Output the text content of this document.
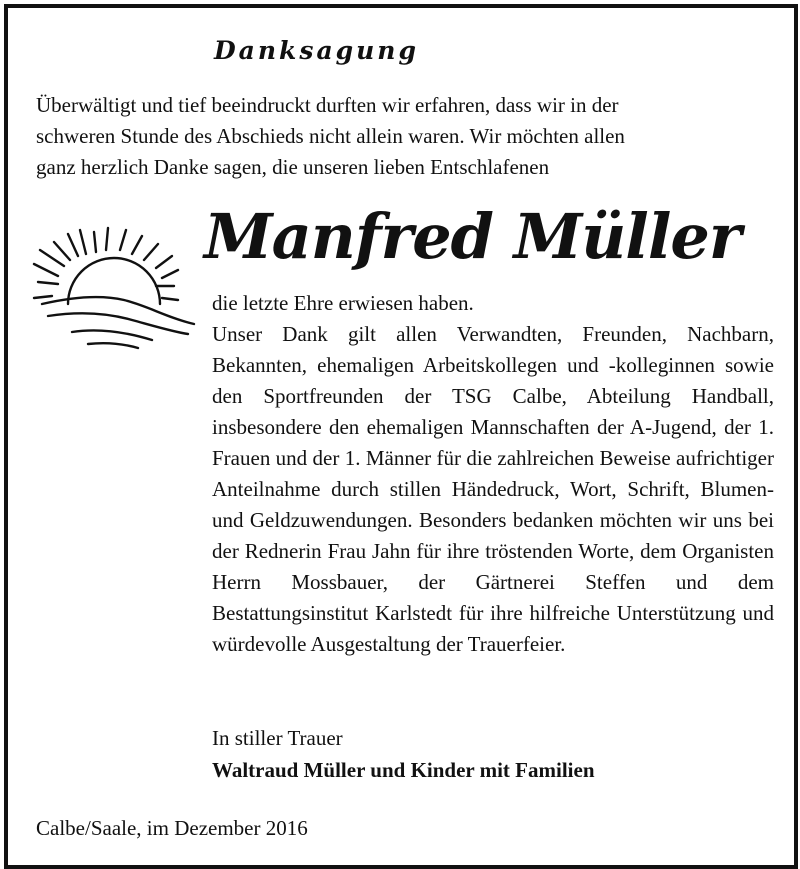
Danksagung
Überwältigt und tief beeindruckt durften wir erfahren, dass wir in der
schweren Stunde des Abschieds nicht allein waren. Wir möchten allen
ganz herzlich Danke sagen, die unseren lieben Entschlafenen
Manfred Müller

die letzte Ehre erwiesen haben.

Unser Dank gilt allen Verwandten, Freunden, Nachbarn, Bekannten, ehemaligen Arbeitskollegen und -kolleginnen sowie den Sportfreunden der TSG Calbe, Abteilung Handball, insbesondere den ehemaligen Mannschaften der A-Jugend, der 1. Frauen und der 1. Männer für die zahlreichen Beweise aufrichtiger Anteilnahme durch stillen Händedruck, Wort, Schrift, Blumen- und Geldzuwendungen. Besonders bedanken möchten wir uns bei der Rednerin Frau Jahn für ihre tröstenden Worte, dem Organisten Herrn Mossbauer, der Gärtnerei Steffen und dem Bestattungsinstitut Karlstedt für ihre hilfreiche Unterstützung und würdevolle Ausgestaltung der Trauerfeier.

In stiller Trauer
Waltraud Müller und Kinder mit Familien
Calbe/Saale, im Dezember 2016
